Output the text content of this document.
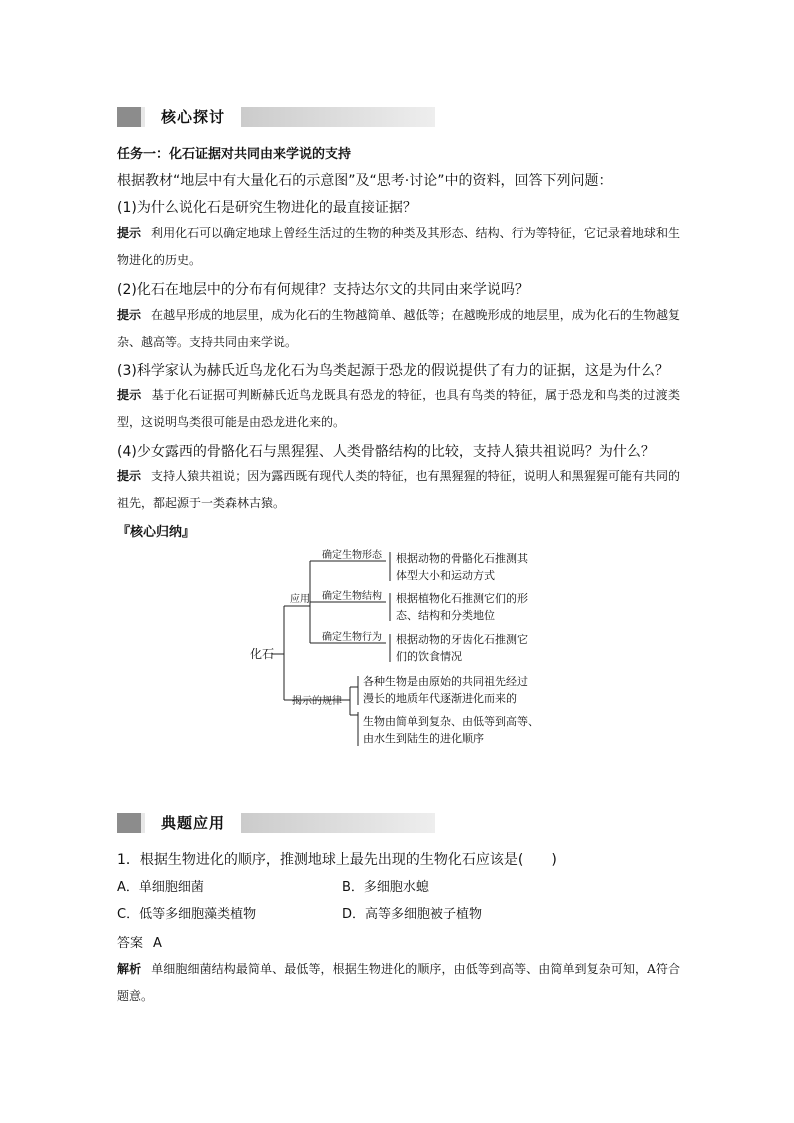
核心探讨
任务一：化石证据对共同由来学说的支持
根据教材“地层中有大量化石的示意图”及“思考·讨论”中的资料，回答下列问题：
(1)为什么说化石是研究生物进化的最直接证据？
提示 利用化石可以确定地球上曾经生活过的生物的种类及其形态、结构、行为等特征，它记录着地球和生物进化的历史。
(2)化石在地层中的分布有何规律？支持达尔文的共同由来学说吗？
提示 在越早形成的地层里，成为化石的生物越简单、越低等；在越晚形成的地层里，成为化石的生物越复杂、越高等。支持共同由来学说。
(3)科学家认为赫氏近鸟龙化石为鸟类起源于恐龙的假说提供了有力的证据，这是为什么？
提示 基于化石证据可判断赫氏近鸟龙既具有恐龙的特征，也具有鸟类的特征，属于恐龙和鸟类的过渡类型，这说明鸟类很可能是由恐龙进化来的。
(4)少女露西的骨骼化石与黑猩猩、人类骨骼结构的比较，支持人猿共祖说吗？为什么？
提示 支持人猿共祖说；因为露西既有现代人类的特征，也有黑猩猩的特征，说明人和黑猩猩可能有共同的祖先，都起源于一类森林古猿。
『核心归纳』
化石
应用
揭示的规律
确定生物形态 根据动物的骨骼化石推测其
体型大小和运动方式
确定生物结构 根据植物化石推测它们的形
态、结构和分类地位
确定生物行为 根据动物的牙齿化石推测它
们的饮食情况
各种生物是由原始的共同祖先经过
漫长的地质年代逐渐进化而来的
生物由简单到复杂、由低等到高等、
由水生到陆生的进化顺序
典题应用
1．根据生物进化的顺序，推测地球上最先出现的生物化石应该是(　　)
A．单细胞细菌	B．多细胞水螅
C．低等多细胞藻类植物	D．高等多细胞被子植物
答案 A
解析 单细胞细菌结构最简单、最低等，根据生物进化的顺序，由低等到高等、由简单到复杂可知，A符合题意。
